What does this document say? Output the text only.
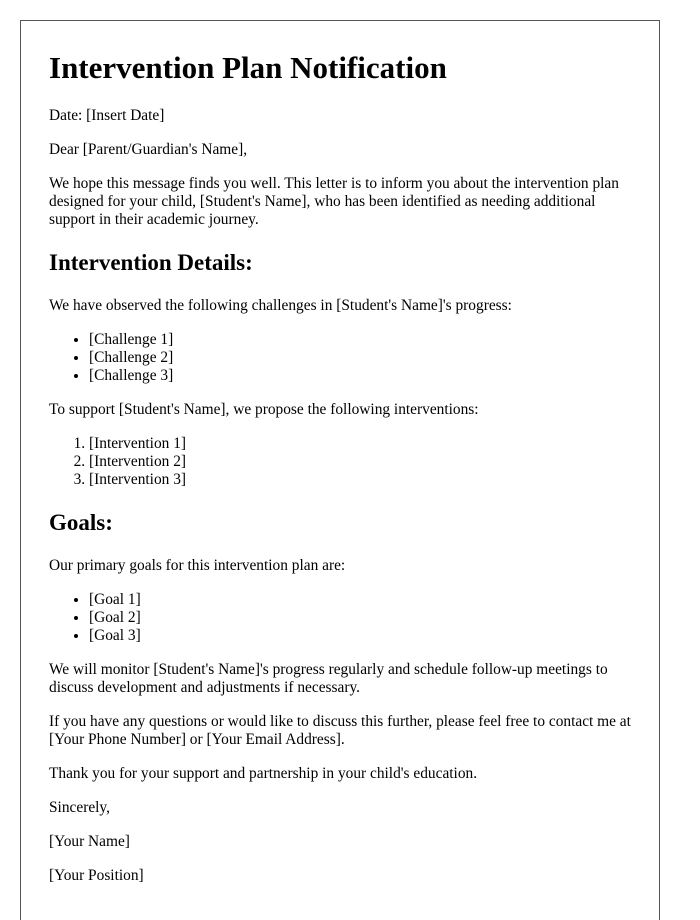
Intervention Plan Notification

Date: [Insert Date]

Dear [Parent/Guardian's Name],

We hope this message finds you well. This letter is to inform you about the intervention plan designed for your child, [Student's Name], who has been identified as needing additional support in their academic journey.

Intervention Details:

We have observed the following challenges in [Student's Name]'s progress:

• [Challenge 1]
• [Challenge 2]
• [Challenge 3]

To support [Student's Name], we propose the following interventions:

1. [Intervention 1]
2. [Intervention 2]
3. [Intervention 3]
Goals:

Our primary goals for this intervention plan are:

• [Goal 1]
• [Goal 2]
• [Goal 3]

We will monitor [Student's Name]'s progress regularly and schedule follow-up meetings to discuss development and adjustments if necessary.

If you have any questions or would like to discuss this further, please feel free to contact me at [Your Phone Number] or [Your Email Address].

Thank you for your support and partnership in your child's education.

Sincerely,

[Your Name]

[Your Position]
